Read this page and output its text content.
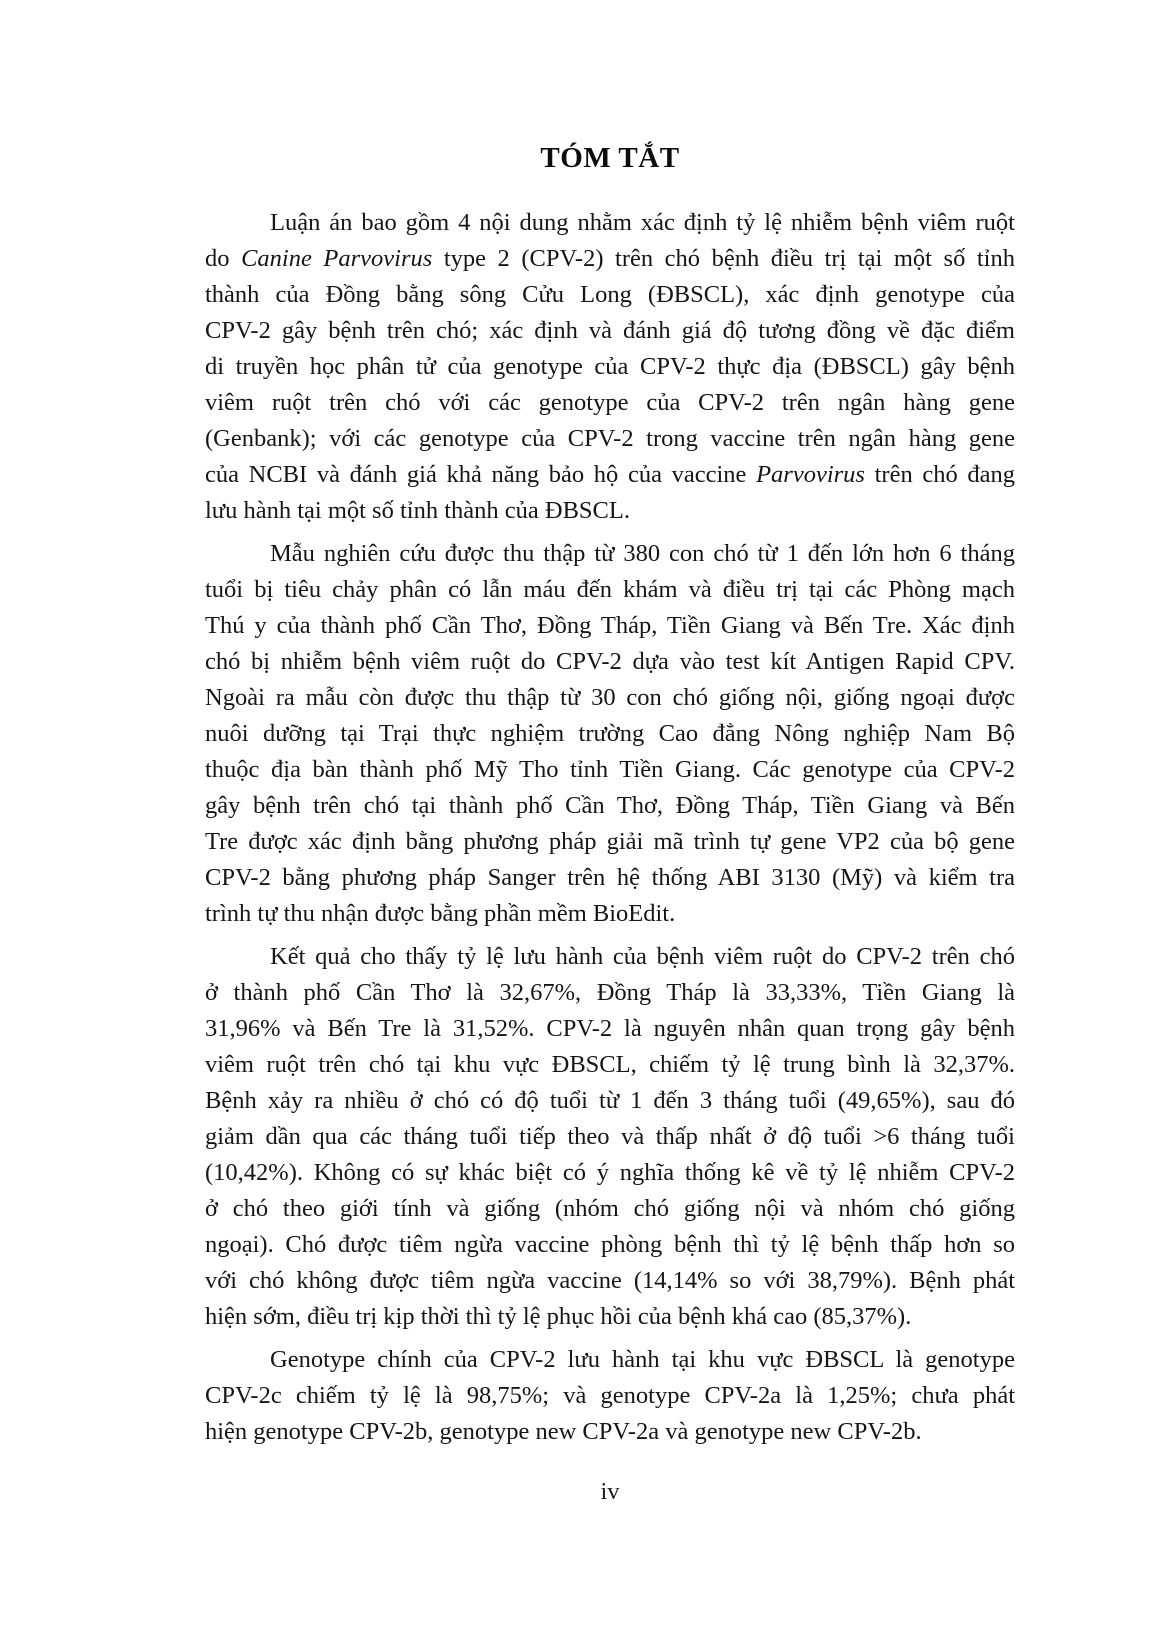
TÓM TẮT
Luận án bao gồm 4 nội dung nhằm xác định tỷ lệ nhiễm bệnh viêm ruột
do Canine Parvovirus type 2 (CPV-2) trên chó bệnh điều trị tại một số tỉnh
thành của Đồng bằng sông Cửu Long (ĐBSCL), xác định genotype của
CPV-2 gây bệnh trên chó; xác định và đánh giá độ tương đồng về đặc điểm
di truyền học phân tử của genotype của CPV-2 thực địa (ĐBSCL) gây bệnh
viêm ruột trên chó với các genotype của CPV-2 trên ngân hàng gene
(Genbank); với các genotype của CPV-2 trong vaccine trên ngân hàng gene
của NCBI và đánh giá khả năng bảo hộ của vaccine Parvovirus trên chó đang
lưu hành tại một số tỉnh thành của ĐBSCL.
Mẫu nghiên cứu được thu thập từ 380 con chó từ 1 đến lớn hơn 6 tháng
tuổi bị tiêu chảy phân có lẫn máu đến khám và điều trị tại các Phòng mạch
Thú y của thành phố Cần Thơ, Đồng Tháp, Tiền Giang và Bến Tre. Xác định
chó bị nhiễm bệnh viêm ruột do CPV-2 dựa vào test kít Antigen Rapid CPV.
Ngoài ra mẫu còn được thu thập từ 30 con chó giống nội, giống ngoại được
nuôi dưỡng tại Trại thực nghiệm trường Cao đẳng Nông nghiệp Nam Bộ
thuộc địa bàn thành phố Mỹ Tho tỉnh Tiền Giang. Các genotype của CPV-2
gây bệnh trên chó tại thành phố Cần Thơ, Đồng Tháp, Tiền Giang và Bến
Tre được xác định bằng phương pháp giải mã trình tự gene VP2 của bộ gene
CPV-2 bằng phương pháp Sanger trên hệ thống ABI 3130 (Mỹ) và kiểm tra
trình tự thu nhận được bằng phần mềm BioEdit.
Kết quả cho thấy tỷ lệ lưu hành của bệnh viêm ruột do CPV-2 trên chó
ở thành phố Cần Thơ là 32,67%, Đồng Tháp là 33,33%, Tiền Giang là
31,96% và Bến Tre là 31,52%. CPV-2 là nguyên nhân quan trọng gây bệnh
viêm ruột trên chó tại khu vực ĐBSCL, chiếm tỷ lệ trung bình là 32,37%.
Bệnh xảy ra nhiều ở chó có độ tuổi từ 1 đến 3 tháng tuổi (49,65%), sau đó
giảm dần qua các tháng tuổi tiếp theo và thấp nhất ở độ tuổi >6 tháng tuổi
(10,42%). Không có sự khác biệt có ý nghĩa thống kê về tỷ lệ nhiễm CPV-2
ở chó theo giới tính và giống (nhóm chó giống nội và nhóm chó giống
ngoại). Chó được tiêm ngừa vaccine phòng bệnh thì tỷ lệ bệnh thấp hơn so
với chó không được tiêm ngừa vaccine (14,14% so với 38,79%). Bệnh phát
hiện sớm, điều trị kịp thời thì tỷ lệ phục hồi của bệnh khá cao (85,37%).
Genotype chính của CPV-2 lưu hành tại khu vực ĐBSCL là genotype
CPV-2c chiếm tỷ lệ là 98,75%; và genotype CPV-2a là 1,25%; chưa phát
hiện genotype CPV-2b, genotype new CPV-2a và genotype new CPV-2b.
iv
